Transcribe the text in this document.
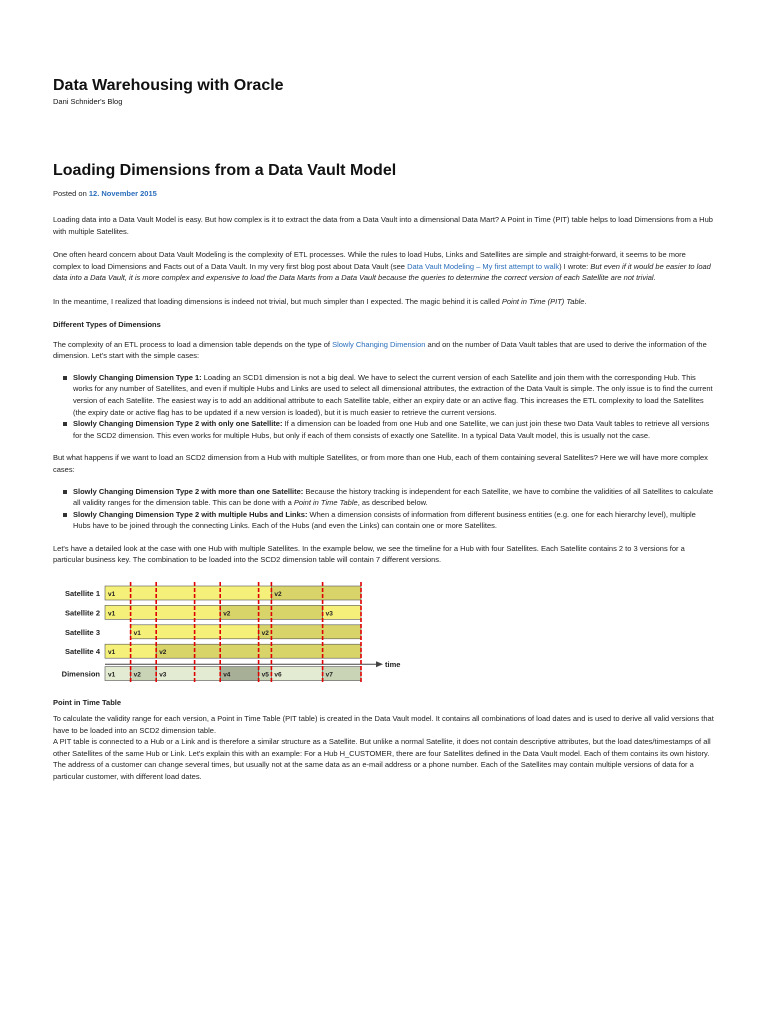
Data Warehousing with Oracle
Dani Schnider's Blog
Loading Dimensions from a Data Vault Model
Posted on 12. November 2015

Loading data into a Data Vault Model is easy. But how complex is it to extract the data from a Data Vault into a dimensional Data Mart? A Point in Time (PIT) table helps to load Dimensions from a Hub with multiple Satellites.

One often heard concern about Data Vault Modeling is the complexity of ETL processes. While the rules to load Hubs, Links and Satellites are simple and straight-forward, it seems to be more complex to load Dimensions and Facts out of a Data Vault. In my very first blog post about Data Vault (see Data Vault Modeling – My first attempt to walk) I wrote: But even if it would be easier to load data into a Data Vault, it is more complex and expensive to load the Data Marts from a Data Vault because the queries to determine the correct version of each Satellite are not trivial.

In the meantime, I realized that loading dimensions is indeed not trivial, but much simpler than I expected. The magic behind it is called Point in Time (PIT) Table.

Different Types of Dimensions

The complexity of an ETL process to load a dimension table depends on the type of Slowly Changing Dimension and on the number of Data Vault tables that are used to derive the information of the dimension. Let's start with the simple cases:

Slowly Changing Dimension Type 1: Loading an SCD1 dimension is not a big deal. We have to select the current version of each Satellite and join them with the corresponding Hub. This works for any number of Satellites, and even if multiple Hubs and Links are used to select all dimensional attributes, the extraction of the Data Vault is simple. The only issue is to find the current version of each Satellite. The easiest way is to add an additional attribute to each Satellite table, either an expiry date or an active flag. This increases the ETL complexity to load the Satellites (the expiry date or active flag has to be updated if a new version is loaded), but it is much easier to retrieve the current versions.
Slowly Changing Dimension Type 2 with only one Satellite: If a dimension can be loaded from one Hub and one Satellite, we can just join these two Data Vault tables to retrieve all versions for the SCD2 dimension. This even works for multiple Hubs, but only if each of them consists of exactly one Satellite. In a typical Data Vault model, this is usually not the case.

But what happens if we want to load an SCD2 dimension from a Hub with multiple Satellites, or from more than one Hub, each of them containing several Satellites? Here we will have more complex cases:

Slowly Changing Dimension Type 2 with more than one Satellite: Because the history tracking is independent for each Satellite, we have to combine the validities of all Satellites to calculate all validity ranges for the dimension table. This can be done with a Point in Time Table, as described below.
Slowly Changing Dimension Type 2 with multiple Hubs and Links: When a dimension consists of information from different business entities (e.g. one for each hierarchy level), multiple Hubs have to be joined through the connecting Links. Each of the Hubs (and even the Links) can contain one or more Satellites.

Let's have a detailed look at the case with one Hub with multiple Satellites. In the example below, we see the timeline for a Hub with four Satellites. Each Satellite contains 2 to 3 versions for a particular business key. The combination to be loaded into the SCD2 dimension table will contain 7 different versions.

Satellite 1 v1	v2
Satellite 2 v1	v2	v3
Satellite 3	v1	v2
Satellite 4 v1	v2
Dimension v1	v2	v3	v4	v5 v6	v7
time
Point in Time Table

To calculate the validity range for each version, a Point in Time Table (PIT table) is created in the Data Vault model. It contains all combinations of load dates and is used to derive all valid versions that have to be loaded into an SCD2 dimension table.

A PIT table is connected to a Hub or a Link and is therefore a similar structure as a Satellite. But unlike a normal Satellite, it does not contain descriptive attributes, but the load dates/timestamps of all other Satellites of the same Hub or Link. Let's explain this with an example: For a Hub H_CUSTOMER, there are four Satellites defined in the Data Vault model. Each of them contains its own history. The address of a customer can change several times, but usually not at the same data as an e-mail address or a phone number. Each of the Satellites may contain multiple versions of data for a particular customer, with different load dates.
